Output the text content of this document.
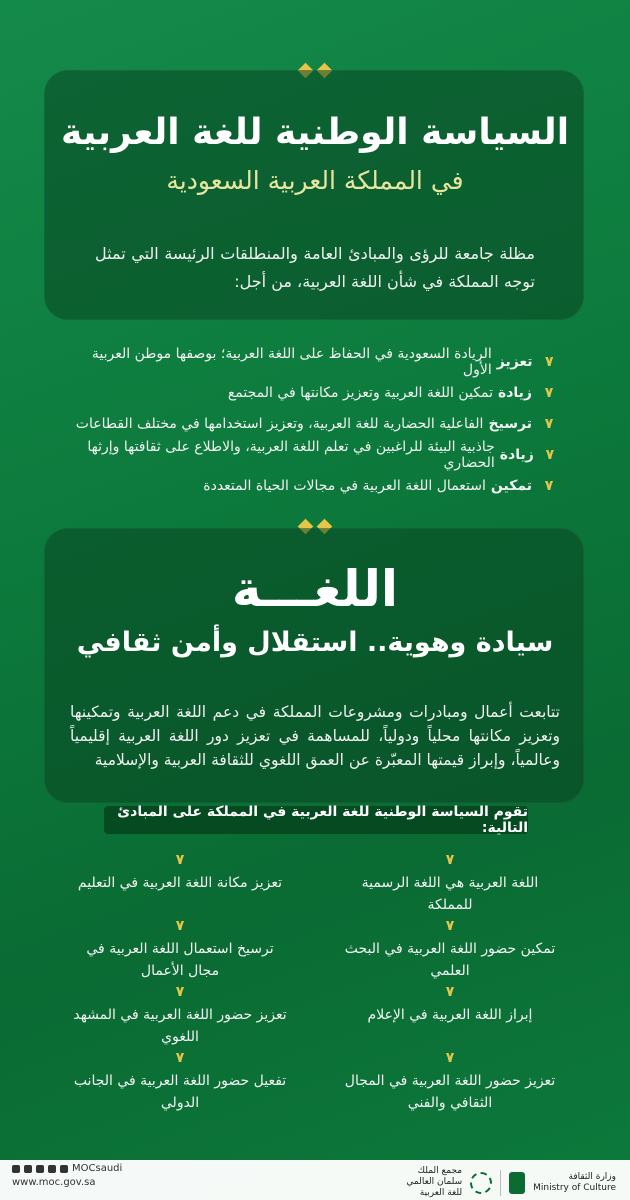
السياسة الوطنية للغة العربية
في المملكة العربية السعودية
مظلة جامعة للرؤى والمبادئ العامة والمنطلقات الرئيسة التي تمثل توجه المملكة في شأن اللغة العربية، من أجل:
٧
تعزيز
الريادة السعودية في الحفاظ على اللغة العربية؛ بوصفها موطن العربية الأول
٧
زيادة
تمكين اللغة العربية وتعزيز مكانتها في المجتمع
٧
ترسيخ
الفاعلية الحضارية للغة العربية، وتعزيز استخدامها في مختلف القطاعات
٧
زيادة
جاذبية البيئة للراغبين في تعلم اللغة العربية، والاطلاع على ثقافتها وإرثها الحضاري
٧
تمكين
استعمال اللغة العربية في مجالات الحياة المتعددة
اللغـــة
سيادة وهوية.. استقلال وأمن ثقافي
تتابعت أعمال ومبادرات ومشروعات المملكة في دعم اللغة العربية وتمكينها وتعزيز مكانتها محلياً ودولياً، للمساهمة في تعزيز دور اللغة العربية إقليمياً وعالمياً، وإبراز قيمتها المعبّرة عن العمق اللغوي للثقافة العربية والإسلامية
تقوم السياسة الوطنية للغة العربية في المملكة على المبادئ التالية:
٧
اللغة العربية هي اللغة الرسمية للمملكة
٧
تعزيز مكانة اللغة العربية في التعليم
٧
تمكين حضور اللغة العربية في البحث العلمي
٧
ترسيخ استعمال اللغة العربية في مجال الأعمال
٧
إبراز اللغة العربية في الإعلام
٧
تعزيز حضور اللغة العربية في المشهد اللغوي
٧
تعزيز حضور اللغة العربية في المجال الثقافي والفني
٧
تفعيل حضور اللغة العربية في الجانب الدولي
MOCsaudi
www.moc.gov.sa
مجمع الملك سلمان العالمي للغة العربية
وزارة الثقافة
Ministry of Culture
